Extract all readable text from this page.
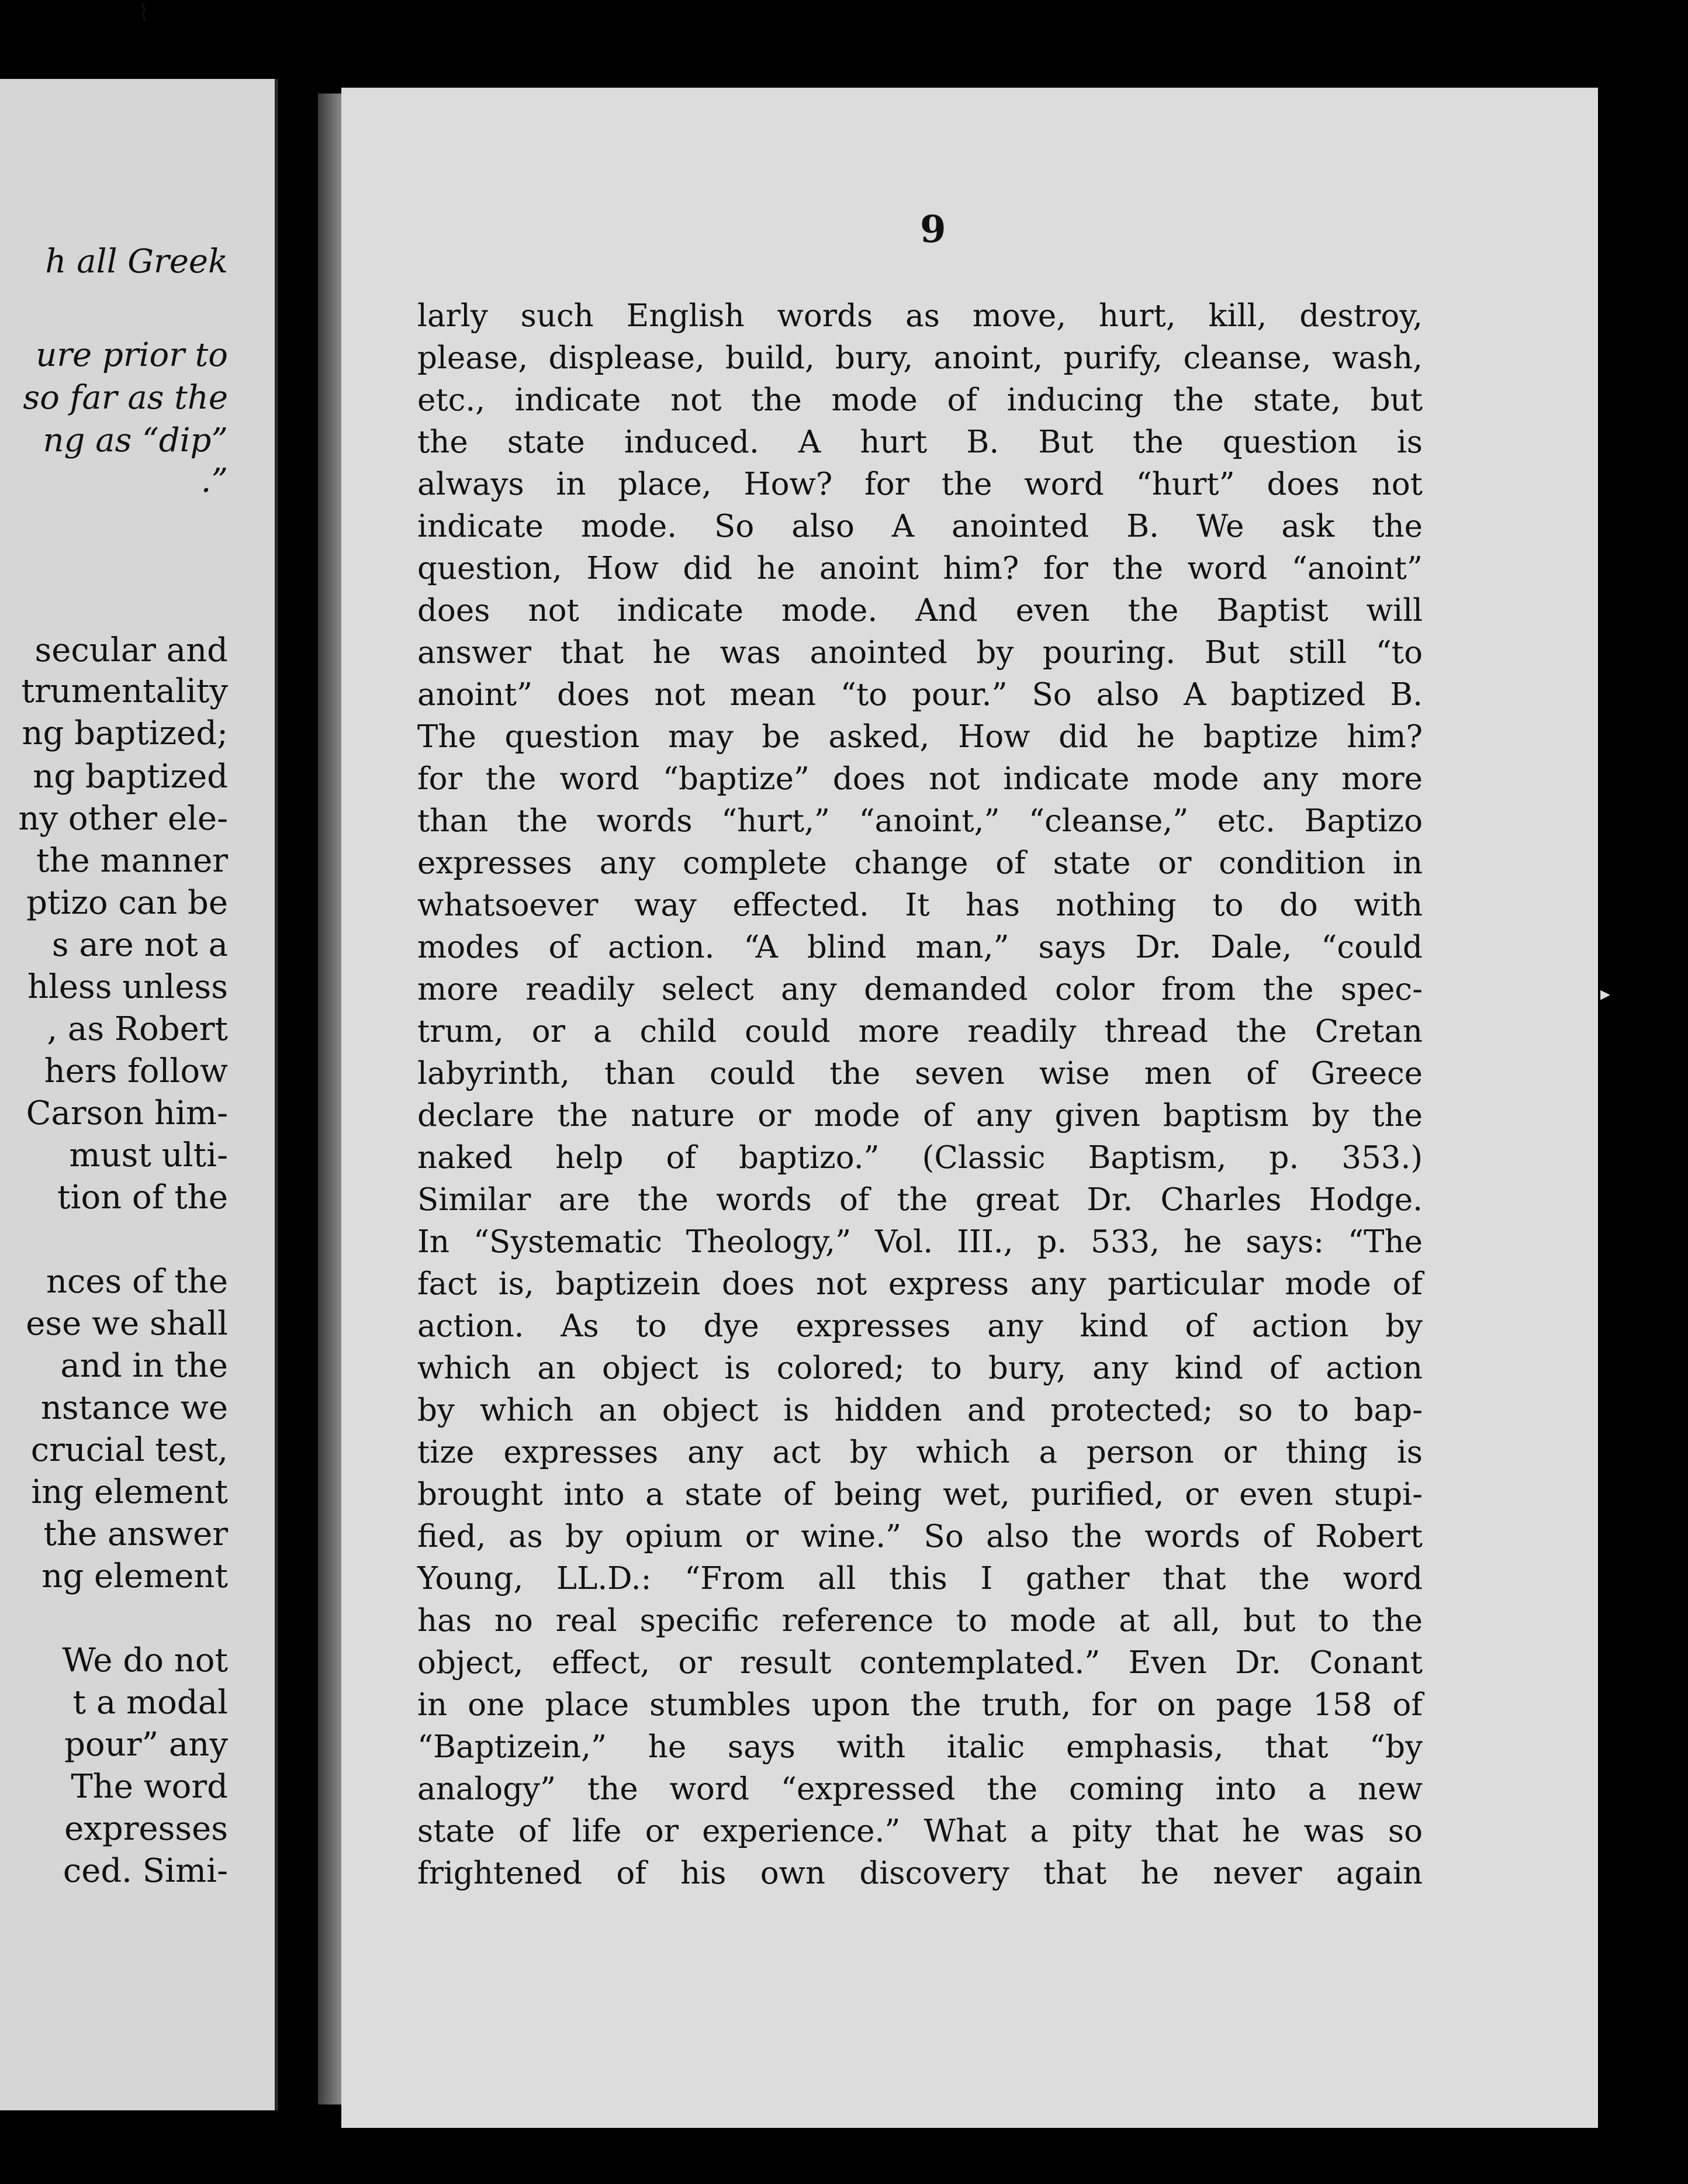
h all Greek
ure prior to
so far as the
ng as “dip”
.”
secular and
trumentality
ng baptized;
ng baptized
ny other ele-
the manner
ptizo can be
s are not a
hless unless
, as Robert
hers follow
Carson him-
must ulti-
tion of the
nces of the
ese we shall
and in the
nstance we
crucial test,
ing element
the answer
ng element
We do not
t a modal
pour” any
The word
expresses
ced. Simi-
9
larly such English words as move, hurt, kill, destroy,
please, displease, build, bury, anoint, purify, cleanse, wash,
etc., indicate not the mode of inducing the state, but
the state induced. A hurt B. But the question is
always in place, How? for the word “hurt” does not
indicate mode. So also A anointed B. We ask the
question, How did he anoint him? for the word “anoint”
does not indicate mode. And even the Baptist will
answer that he was anointed by pouring. But still “to
anoint” does not mean “to pour.” So also A baptized B.
The question may be asked, How did he baptize him?
for the word “baptize” does not indicate mode any more
than the words “hurt,” “anoint,” “cleanse,” etc. Baptizo
expresses any complete change of state or condition in
whatsoever way effected. It has nothing to do with
modes of action. “A blind man,” says Dr. Dale, “could
more readily select any demanded color from the spec-
trum, or a child could more readily thread the Cretan
labyrinth, than could the seven wise men of Greece
declare the nature or mode of any given baptism by the
naked help of baptizo.” (Classic Baptism, p. 353.)
Similar are the words of the great Dr. Charles Hodge.
In “Systematic Theology,” Vol. III., p. 533, he says: “The
fact is, baptizein does not express any particular mode of
action. As to dye expresses any kind of action by
which an object is colored; to bury, any kind of action
by which an object is hidden and protected; so to bap-
tize expresses any act by which a person or thing is
brought into a state of being wet, purified, or even stupi-
fied, as by opium or wine.” So also the words of Robert
Young, LL.D.: “From all this I gather that the word
has no real specific reference to mode at all, but to the
object, effect, or result contemplated.” Even Dr. Conant
in one place stumbles upon the truth, for on page 158 of
“Baptizein,” he says with italic emphasis, that “by
analogy” the word “expressed the coming into a new
state of life or experience.” What a pity that he was so
frightened of his own discovery that he never again
⌇
▸
•
